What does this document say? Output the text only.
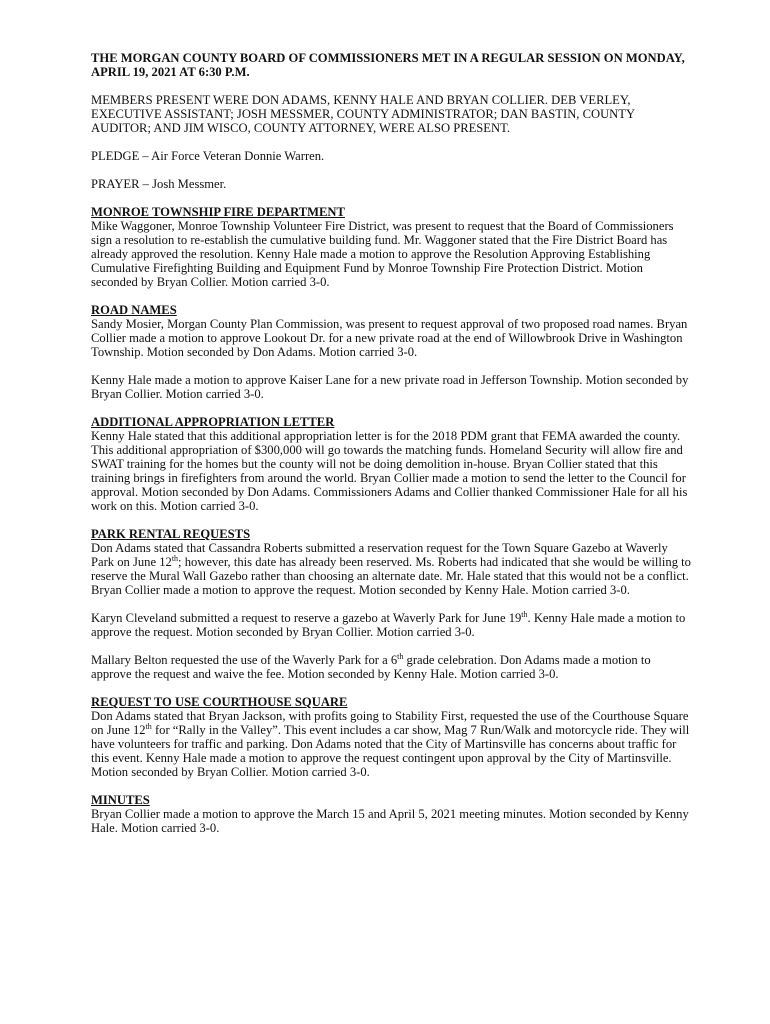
THE MORGAN COUNTY BOARD OF COMMISSIONERS MET IN A REGULAR SESSION ON MONDAY, APRIL 19, 2021 AT 6:30 P.M.
MEMBERS PRESENT WERE DON ADAMS, KENNY HALE AND BRYAN COLLIER. DEB VERLEY, EXECUTIVE ASSISTANT; JOSH MESSMER, COUNTY ADMINISTRATOR; DAN BASTIN, COUNTY AUDITOR; AND JIM WISCO, COUNTY ATTORNEY, WERE ALSO PRESENT.
PLEDGE – Air Force Veteran Donnie Warren.
PRAYER – Josh Messmer.
MONROE TOWNSHIP FIRE DEPARTMENT
Mike Waggoner, Monroe Township Volunteer Fire District, was present to request that the Board of Commissioners sign a resolution to re-establish the cumulative building fund. Mr. Waggoner stated that the Fire District Board has already approved the resolution. Kenny Hale made a motion to approve the Resolution Approving Establishing Cumulative Firefighting Building and Equipment Fund by Monroe Township Fire Protection District. Motion seconded by Bryan Collier. Motion carried 3-0.
ROAD NAMES
Sandy Mosier, Morgan County Plan Commission, was present to request approval of two proposed road names. Bryan Collier made a motion to approve Lookout Dr. for a new private road at the end of Willowbrook Drive in Washington Township. Motion seconded by Don Adams. Motion carried 3-0.
Kenny Hale made a motion to approve Kaiser Lane for a new private road in Jefferson Township. Motion seconded by Bryan Collier. Motion carried 3-0.
ADDITIONAL APPROPRIATION LETTER
Kenny Hale stated that this additional appropriation letter is for the 2018 PDM grant that FEMA awarded the county. This additional appropriation of $300,000 will go towards the matching funds. Homeland Security will allow fire and SWAT training for the homes but the county will not be doing demolition in-house. Bryan Collier stated that this training brings in firefighters from around the world. Bryan Collier made a motion to send the letter to the Council for approval. Motion seconded by Don Adams. Commissioners Adams and Collier thanked Commissioner Hale for all his work on this. Motion carried 3-0.
PARK RENTAL REQUESTS
Don Adams stated that Cassandra Roberts submitted a reservation request for the Town Square Gazebo at Waverly Park on June 12th; however, this date has already been reserved. Ms. Roberts had indicated that she would be willing to reserve the Mural Wall Gazebo rather than choosing an alternate date. Mr. Hale stated that this would not be a conflict. Bryan Collier made a motion to approve the request. Motion seconded by Kenny Hale. Motion carried 3-0.
Karyn Cleveland submitted a request to reserve a gazebo at Waverly Park for June 19th. Kenny Hale made a motion to approve the request. Motion seconded by Bryan Collier. Motion carried 3-0.
Mallary Belton requested the use of the Waverly Park for a 6th grade celebration. Don Adams made a motion to approve the request and waive the fee. Motion seconded by Kenny Hale. Motion carried 3-0.
REQUEST TO USE COURTHOUSE SQUARE
Don Adams stated that Bryan Jackson, with profits going to Stability First, requested the use of the Courthouse Square on June 12th for “Rally in the Valley”. This event includes a car show, Mag 7 Run/Walk and motorcycle ride. They will have volunteers for traffic and parking. Don Adams noted that the City of Martinsville has concerns about traffic for this event. Kenny Hale made a motion to approve the request contingent upon approval by the City of Martinsville. Motion seconded by Bryan Collier. Motion carried 3-0.
MINUTES
Bryan Collier made a motion to approve the March 15 and April 5, 2021 meeting minutes. Motion seconded by Kenny Hale. Motion carried 3-0.
